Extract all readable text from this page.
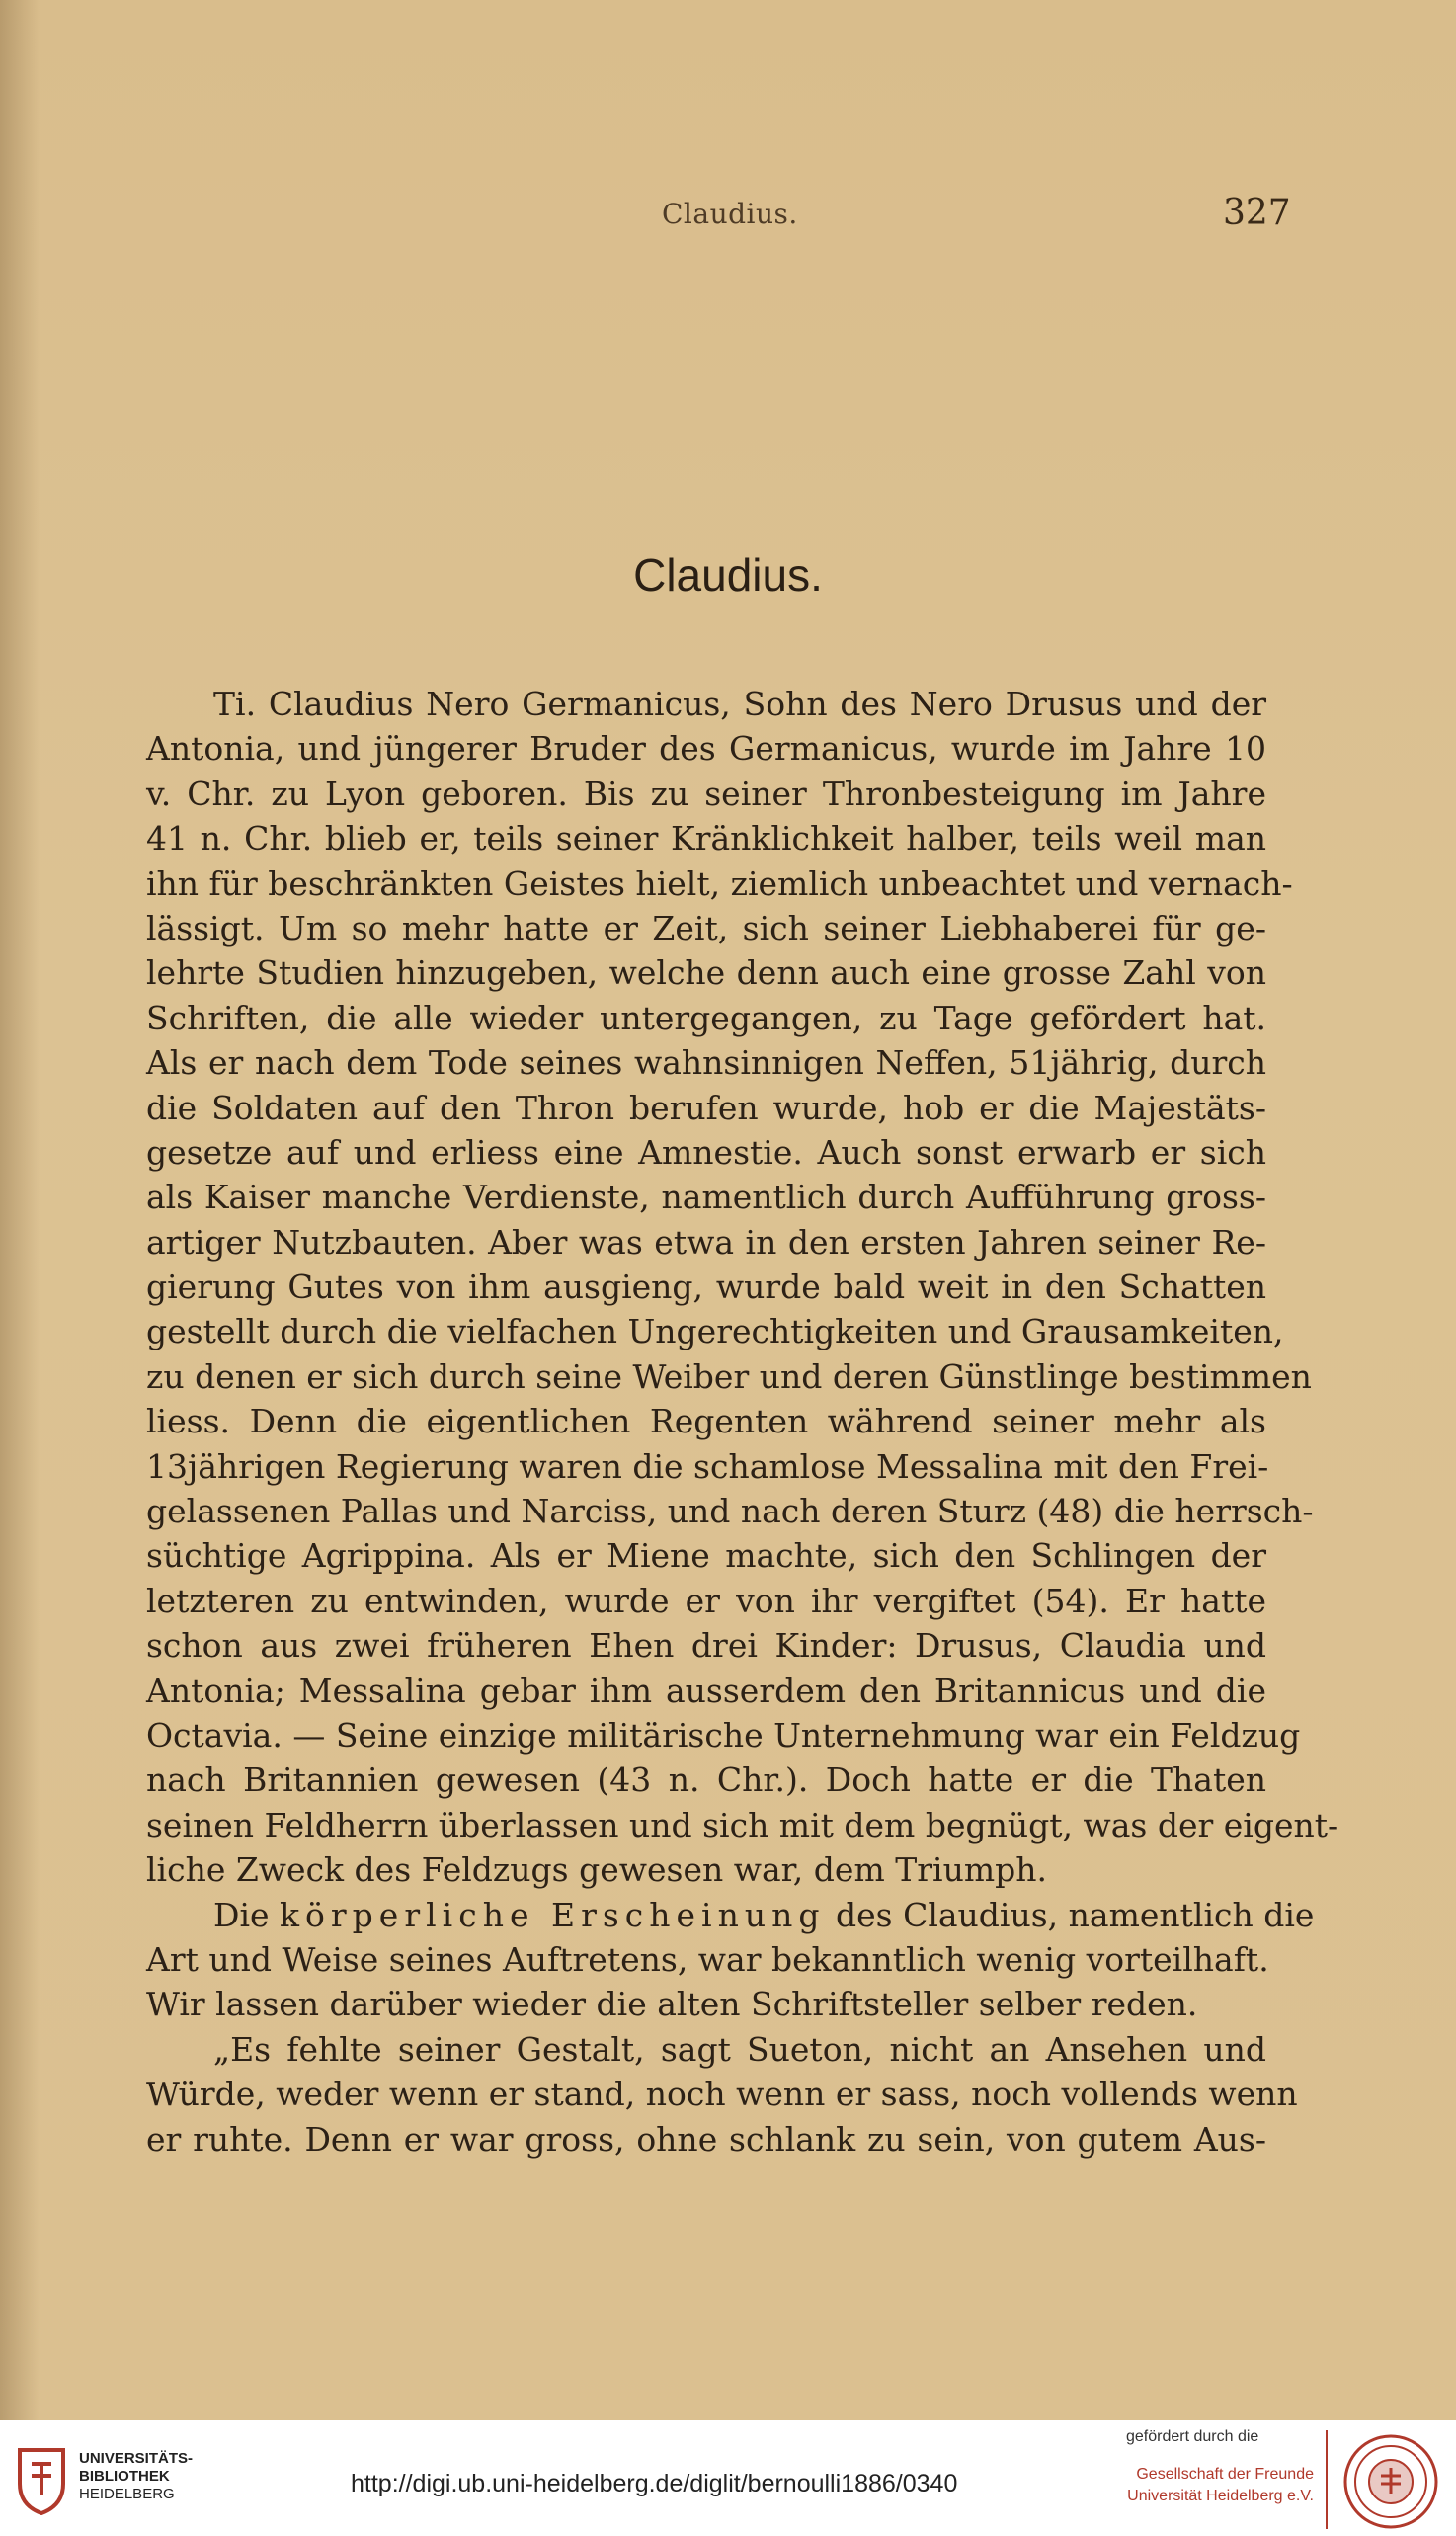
Claudius.	327
Claudius.
Ti. Claudius Nero Germanicus, Sohn des Nero Drusus und der
Antonia, und jüngerer Bruder des Germanicus, wurde im Jahre 10
v. Chr. zu Lyon geboren. Bis zu seiner Thronbesteigung im Jahre
41 n. Chr. blieb er, teils seiner Kränklichkeit halber, teils weil man
ihn für beschränkten Geistes hielt, ziemlich unbeachtet und vernach-
lässigt. Um so mehr hatte er Zeit, sich seiner Liebhaberei für ge-
lehrte Studien hinzugeben, welche denn auch eine grosse Zahl von
Schriften, die alle wieder untergegangen, zu Tage gefördert hat.
Als er nach dem Tode seines wahnsinnigen Neffen, 51jährig, durch
die Soldaten auf den Thron berufen wurde, hob er die Majestäts-
gesetze auf und erliess eine Amnestie. Auch sonst erwarb er sich
als Kaiser manche Verdienste, namentlich durch Aufführung gross-
artiger Nutzbauten. Aber was etwa in den ersten Jahren seiner Re-
gierung Gutes von ihm ausgieng, wurde bald weit in den Schatten
gestellt durch die vielfachen Ungerechtigkeiten und Grausamkeiten,
zu denen er sich durch seine Weiber und deren Günstlinge bestimmen
liess. Denn die eigentlichen Regenten während seiner mehr als
13jährigen Regierung waren die schamlose Messalina mit den Frei-
gelassenen Pallas und Narciss, und nach deren Sturz (48) die herrsch-
süchtige Agrippina. Als er Miene machte, sich den Schlingen der
letzteren zu entwinden, wurde er von ihr vergiftet (54). Er hatte
schon aus zwei früheren Ehen drei Kinder: Drusus, Claudia und
Antonia; Messalina gebar ihm ausserdem den Britannicus und die
Octavia. — Seine einzige militärische Unternehmung war ein Feldzug
nach Britannien gewesen (43 n. Chr.). Doch hatte er die Thaten
seinen Feldherrn überlassen und sich mit dem begnügt, was der eigent-
liche Zweck des Feldzugs gewesen war, dem Triumph.
Die körperliche Erscheinung des Claudius, namentlich die
Art und Weise seines Auftretens, war bekanntlich wenig vorteilhaft.
Wir lassen darüber wieder die alten Schriftsteller selber reden.
„Es fehlte seiner Gestalt, sagt Sueton, nicht an Ansehen und
Würde, weder wenn er stand, noch wenn er sass, noch vollends wenn
er ruhte. Denn er war gross, ohne schlank zu sein, von gutem Aus-
UNIVERSITÄTS-
BIBLIOTHEK
HEIDELBERG	http://digi.ub.uni-heidelberg.de/diglit/bernoulli1886/0340
gefördert durch die
Gesellschaft der Freunde
Universität Heidelberg e.V.
